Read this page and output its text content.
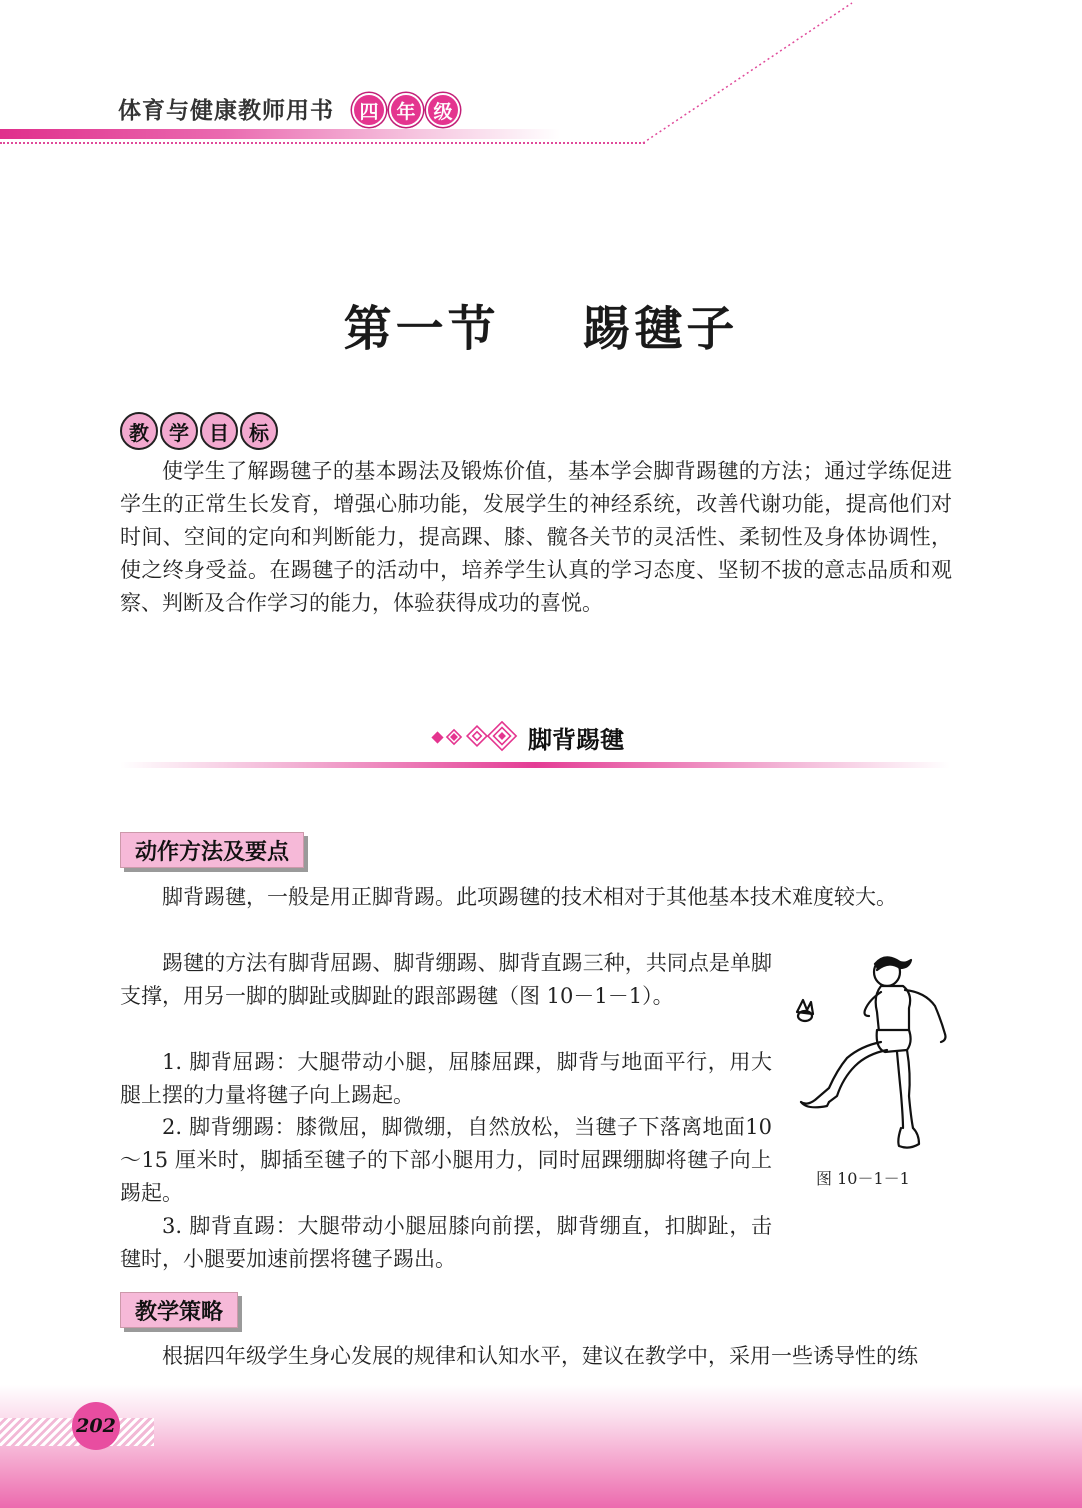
体育与健康教师用书	四 年 级
第一节    踢毽子
教	学	目	标

使学生了解踢毽子的基本踢法及锻炼价值，基本学会脚背踢毽的方法；通过学练促进学生的正常生长发育，增强心肺功能，发展学生的神经系统，改善代谢功能，提高他们对时间、空间的定向和判断能力，提高踝、膝、髋各关节的灵活性、柔韧性及身体协调性，使之终身受益。在踢毽子的活动中，培养学生认真的学习态度、坚韧不拔的意志品质和观察、判断及合作学习的能力，体验获得成功的喜悦。

脚背踢毽
动作方法及要点

脚背踢毽，一般是用正脚背踢。此项踢毽的技术相对于其他基本技术难度较大。

踢毽的方法有脚背屈踢、脚背绷踢、脚背直踢三种，共同点是单脚支撑，用另一脚的脚趾或脚趾的跟部踢毽（图 10－1－1）。

1. 脚背屈踢：大腿带动小腿，屈膝屈踝，脚背与地面平行，用大腿上摆的力量将毽子向上踢起。

2. 脚背绷踢：膝微屈，脚微绷，自然放松，当毽子下落离地面10～15 厘米时，脚插至毽子的下部小腿用力，同时屈踝绷脚将毽子向上踢起。

3. 脚背直踢：大腿带动小腿屈膝向前摆，脚背绷直，扣脚趾，击毽时，小腿要加速前摆将毽子踢出。

图 10－1－1
教学策略

根据四年级学生身心发展的规律和认知水平，建议在教学中，采用一些诱导性的练

202
